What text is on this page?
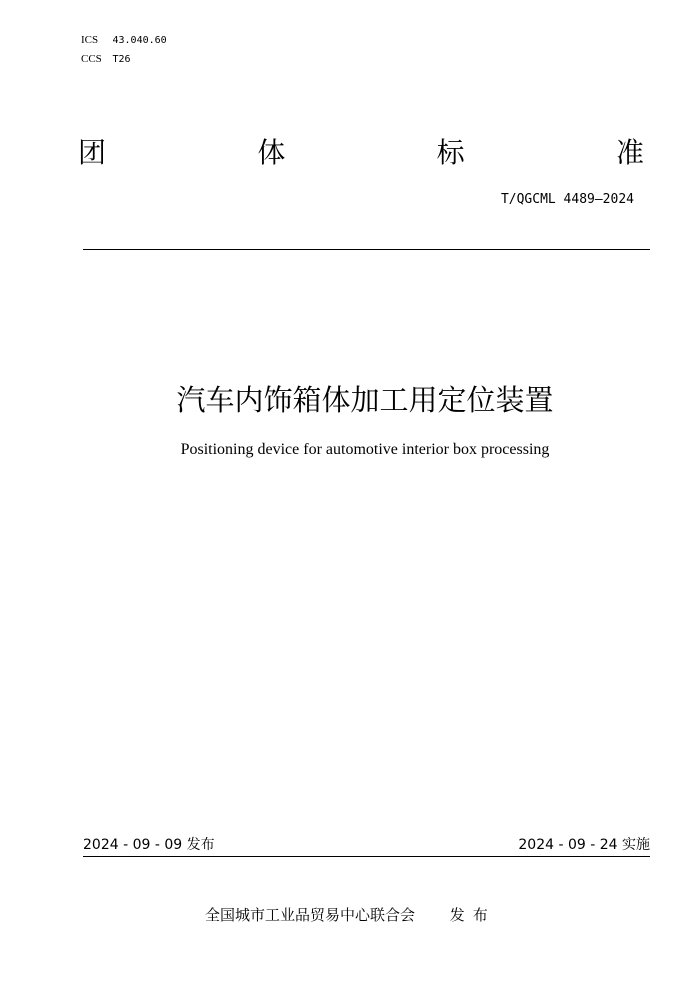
ICS 43.040.60
CCS T26
团	体	标	准
T/QGCML 4489—2024
汽车内饰箱体加工用定位装置
Positioning device for automotive interior box processing
2024 - 09 - 09 发布	2024 - 09 - 24 实施
全国城市工业品贸易中心联合会 发布
